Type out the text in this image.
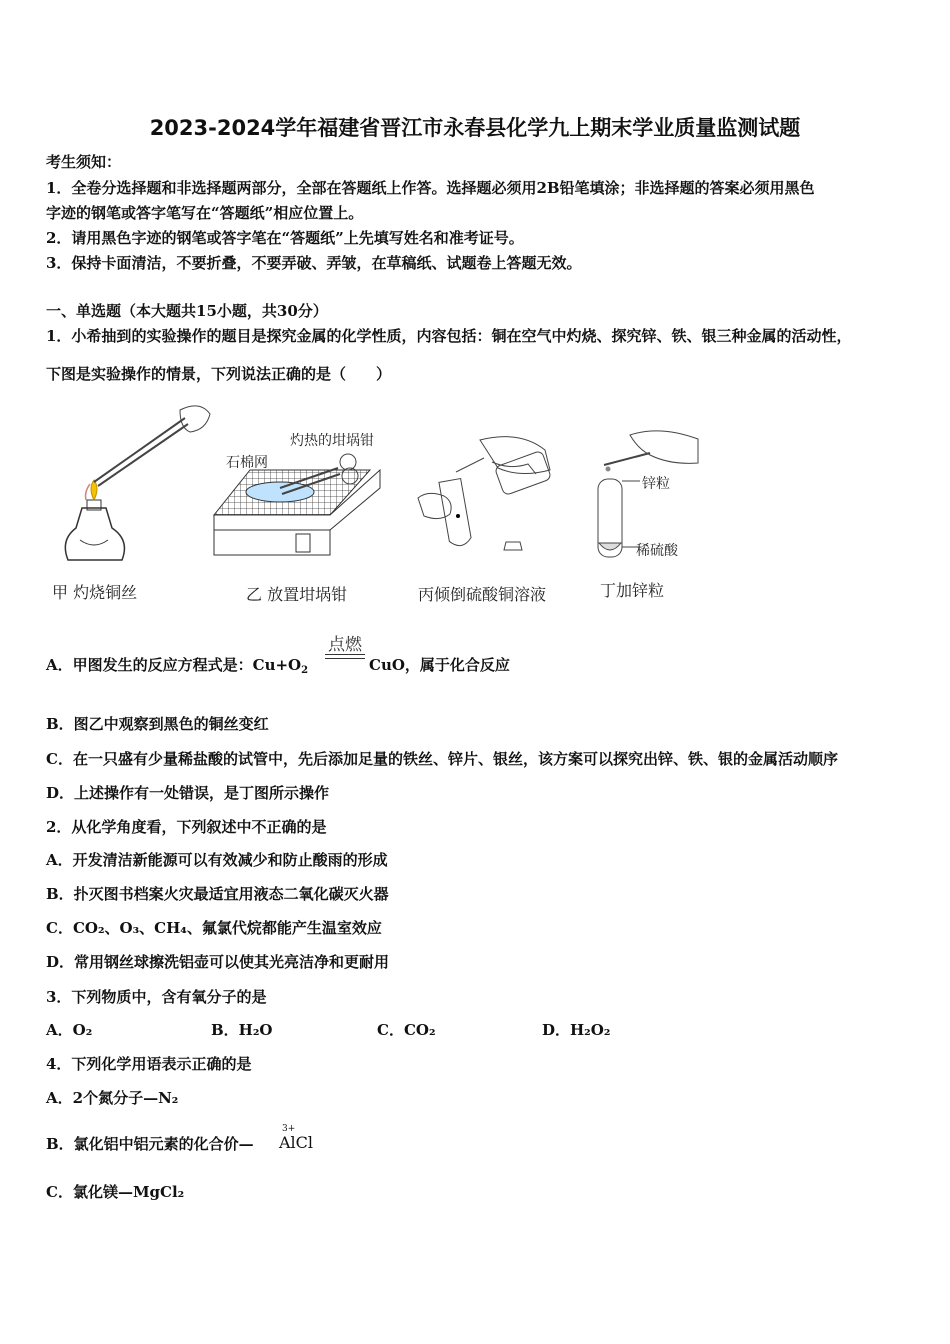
2023-2024学年福建省晋江市永春县化学九上期末学业质量监测试题
考生须知：
1．全卷分选择题和非选择题两部分，全部在答题纸上作答。选择题必须用2B铅笔填涂；非选择题的答案必须用黑色
字迹的钢笔或答字笔写在“答题纸”相应位置上。
2．请用黑色字迹的钢笔或答字笔在“答题纸”上先填写姓名和准考证号。
3．保持卡面清洁，不要折叠，不要弄破、弄皱，在草稿纸、试题卷上答题无效。
一、单选题（本大题共15小题，共30分）
1．小希抽到的实验操作的题目是探究金属的化学性质，内容包括：铜在空气中灼烧、探究锌、铁、银三种金属的活动性，
下图是实验操作的情景，下列说法正确的是（　　）
灼热的坩埚钳
石棉网
锌粒
稀硫酸
甲 灼烧铜丝	乙 放置坩埚钳	丙倾倒硫酸铜溶液	丁加锌粒
A．甲图发生的反应方程式是：$Cu+O_2$
点燃
CuO，属于化合反应
B．图乙中观察到黑色的铜丝变红
C．在一只盛有少量稀盐酸的试管中，先后添加足量的铁丝、锌片、银丝，该方案可以探究出锌、铁、银的金属活动顺序
D．上述操作有一处错误，是丁图所示操作
2．从化学角度看，下列叙述中不正确的是
A．开发清洁新能源可以有效减少和防止酸雨的形成
B．扑灭图书档案火灾最适宜用液态二氧化碳灭火器
C．CO₂、O₃、CH₄、氟氯代烷都能产生温室效应
D．常用钢丝球擦洗铝壶可以使其光亮洁净和更耐用
3．下列物质中，含有氧分子的是
A．O₂	B．H₂O	C．CO₂	D．H₂O₂
4．下列化学用语表示正确的是
A．2个氮分子—N₂
B．氯化铝中铝元素的化合价—
3+
AlCl
C．氯化镁—MgCl₂
